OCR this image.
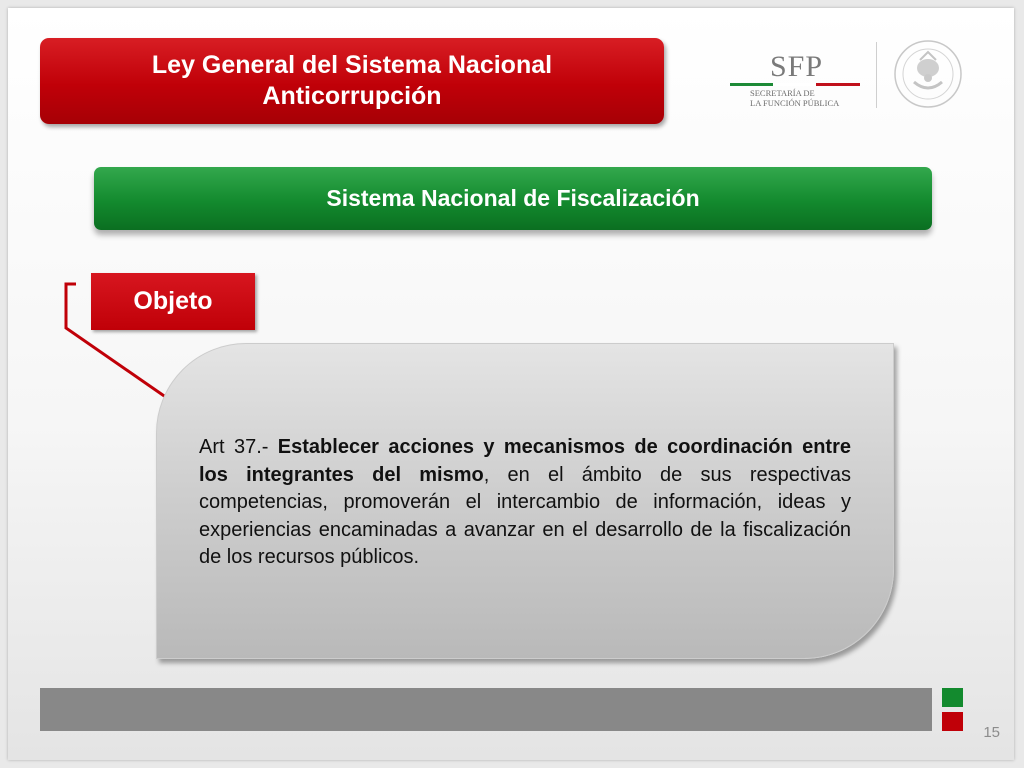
Ley General del Sistema Nacional
Anticorrupción
SFP
SECRETARÍA DE
LA FUNCIÓN PÚBLICA
Sistema Nacional de Fiscalización
Objeto
Art 37.- Establecer acciones y mecanismos de coordinación entre los integrantes del mismo, en el ámbito de sus respectivas competencias, promoverán el intercambio de información, ideas y experiencias encaminadas a avanzar en el desarrollo de la fiscalización de los recursos públicos.
15
